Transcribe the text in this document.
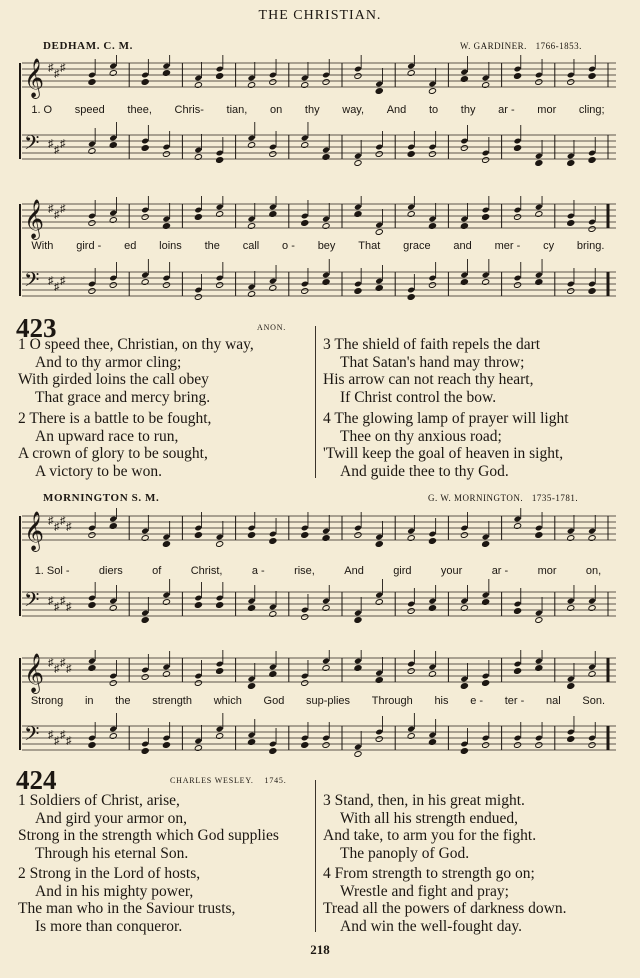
THE CHRISTIAN.
DEDHAM. C. M.	W. GARDINER. 1766-1853.
𝄞 ♯ ♯ ♯
𝄢 ♯ ♯ ♯
1. O speed thee, Chris- tian, on thy way, And to thy ar - mor cling;
𝄞 ♯ ♯ ♯
𝄢 ♯ ♯ ♯
With gird - ed loins the call o - bey That grace and mer - cy bring.
423	ANON.
1 O speed thee, Christian, on thy way,
And to thy armor cling;
With girded loins the call obey
That grace and mercy bring.
2 There is a battle to be fought,
An upward race to run,
A crown of glory to be sought,
A victory to be won.
3 The shield of faith repels the dart
That Satan's hand may throw;
His arrow can not reach thy heart,
If Christ control the bow.
4 The glowing lamp of prayer will light
Thee on thy anxious road;
'Twill keep the goal of heaven in sight,
And guide thee to thy God.
MORNINGTON S. M.	G. W. MORNINGTON. 1735-1781.
𝄞 ♯ ♯ ♯ ♯
𝄢 ♯ ♯ ♯ ♯
1. Sol -	diers	of	Christ,	a -	rise,	And	gird	your	ar -	mor	on,
𝄞 ♯ ♯ ♯ ♯
𝄢 ♯ ♯ ♯ ♯
Strong in the strength which God sup-plies Through his e - ter - nal Son.
424	CHARLES WESLEY. 1745.
1 Soldiers of Christ, arise,
And gird your armor on,
Strong in the strength which God supplies
Through his eternal Son.
2 Strong in the Lord of hosts,
And in his mighty power,
The man who in the Saviour trusts,
Is more than conqueror.
3 Stand, then, in his great might.
With all his strength endued,
And take, to arm you for the fight.
The panoply of God.
4 From strength to strength go on;
Wrestle and fight and pray;
Tread all the powers of darkness down.
And win the well-fought day.
218
